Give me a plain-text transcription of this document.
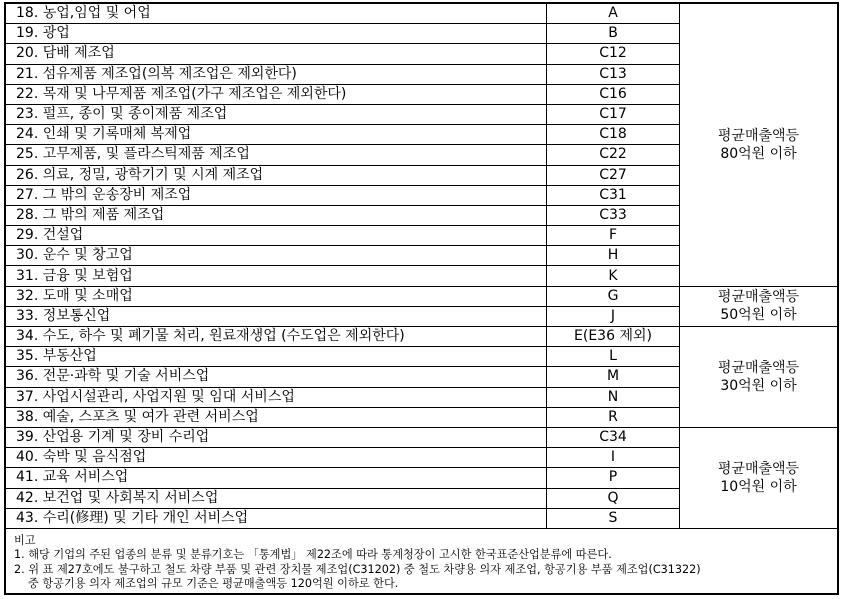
18. 농업,임업 및 어업	A	평균매출액등
80억원 이하

19. 광업	B	
20. 담배 제조업	C12	
21. 섬유제품 제조업(의복 제조업은 제외한다)	C13	
22. 목재 및 나무제품 제조업(가구 제조업은 제외한다)	C16	
23. 펄프, 종이 및 종이제품 제조업	C17	
24. 인쇄 및 기록매체 복제업	C18	
25. 고무제품, 및 플라스틱제품 제조업	C22	
26. 의료, 정밀, 광학기기 및 시계 제조업	C27	
27. 그 밖의 운송장비 제조업	C31	
28. 그 밖의 제품 제조업	C33	
29. 건설업	F	
30. 운수 및 창고업	H	
31. 금융 및 보험업	K	
32. 도매 및 소매업	G	평균매출액등
50억원 이하

33. 정보통신업	J	
34. 수도, 하수 및 폐기물 처리, 원료재생업 (수도업은 제외한다)	E(E36 제외)	평균매출액등
30억원 이하

35. 부동산업	L	
36. 전문·과학 및 기술 서비스업	M	
37. 사업시설관리, 사업지원 및 임대 서비스업	N	
38. 예술, 스포츠 및 여가 관련 서비스업	R	
39. 산업용 기계 및 장비 수리업	C34	평균매출액등
10억원 이하

40. 숙박 및 음식점업	I	
41. 교육 서비스업	P	
42. 보건업 및 사회복지 서비스업	Q	
43. 수리(修理) 및 기타 개인 서비스업	S	
비고
1. 해당 기업의 주된 업종의 분류 및 분류기호는 「통계법」 제22조에 따라 통계청장이 고시한 한국표준산업분류에 따른다.
2. 위 표 제27호에도 불구하고 철도 차량 부품 및 관련 장치물 제조업(C31202) 중 철도 차량용 의자 제조업, 항공기용 부품 제조업(C31322)
중 항공기용 의자 제조업의 규모 기준은 평균매출액등 120억원 이하로 한다.
